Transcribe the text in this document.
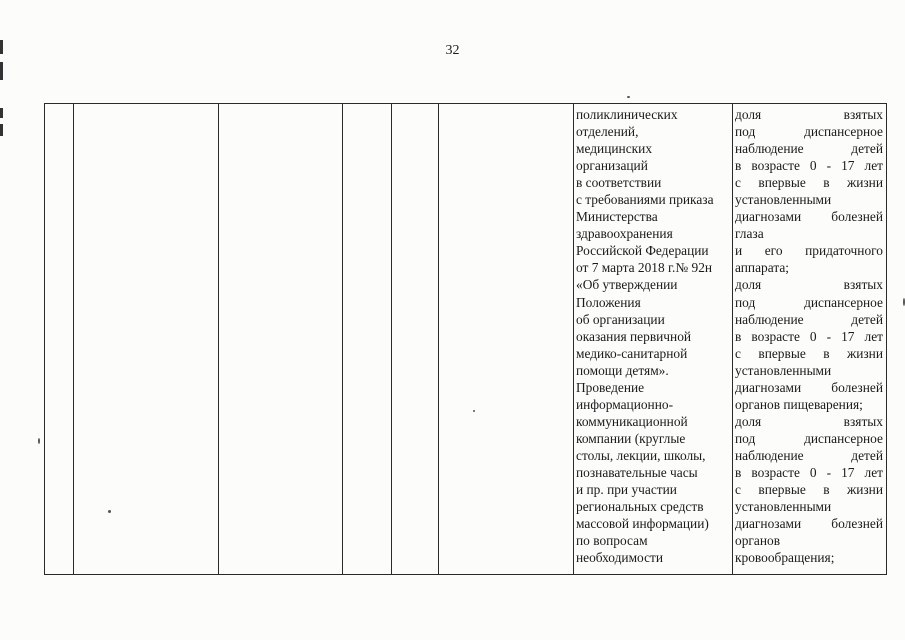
32
поликлинических
отделений,
медицинских
организаций
в соответствии
с требованиями приказа
Министерства
здравоохранения
Российской Федерации
от 7 марта 2018 г.№ 92н
«Об утверждении
Положения
об организации
оказания первичной
медико-санитарной
помощи детям».
Проведение
информационно-
коммуникационной
компании (круглые
столы, лекции, школы,
познавательные часы
и пр. при участии
региональных средств
массовой информации)
по вопросам
необходимости
доля взятых
под диспансерное
наблюдение детей
в возрасте 0 - 17 лет
с впервые в жизни
установленными
диагнозами болезней
глаза
и его придаточного
аппарата;
доля взятых
под диспансерное
наблюдение детей
в возрасте 0 - 17 лет
с впервые в жизни
установленными
диагнозами болезней
органов пищеварения;
доля взятых
под диспансерное
наблюдение детей
в возрасте 0 - 17 лет
с впервые в жизни
установленными
диагнозами болезней
органов
кровообращения;
